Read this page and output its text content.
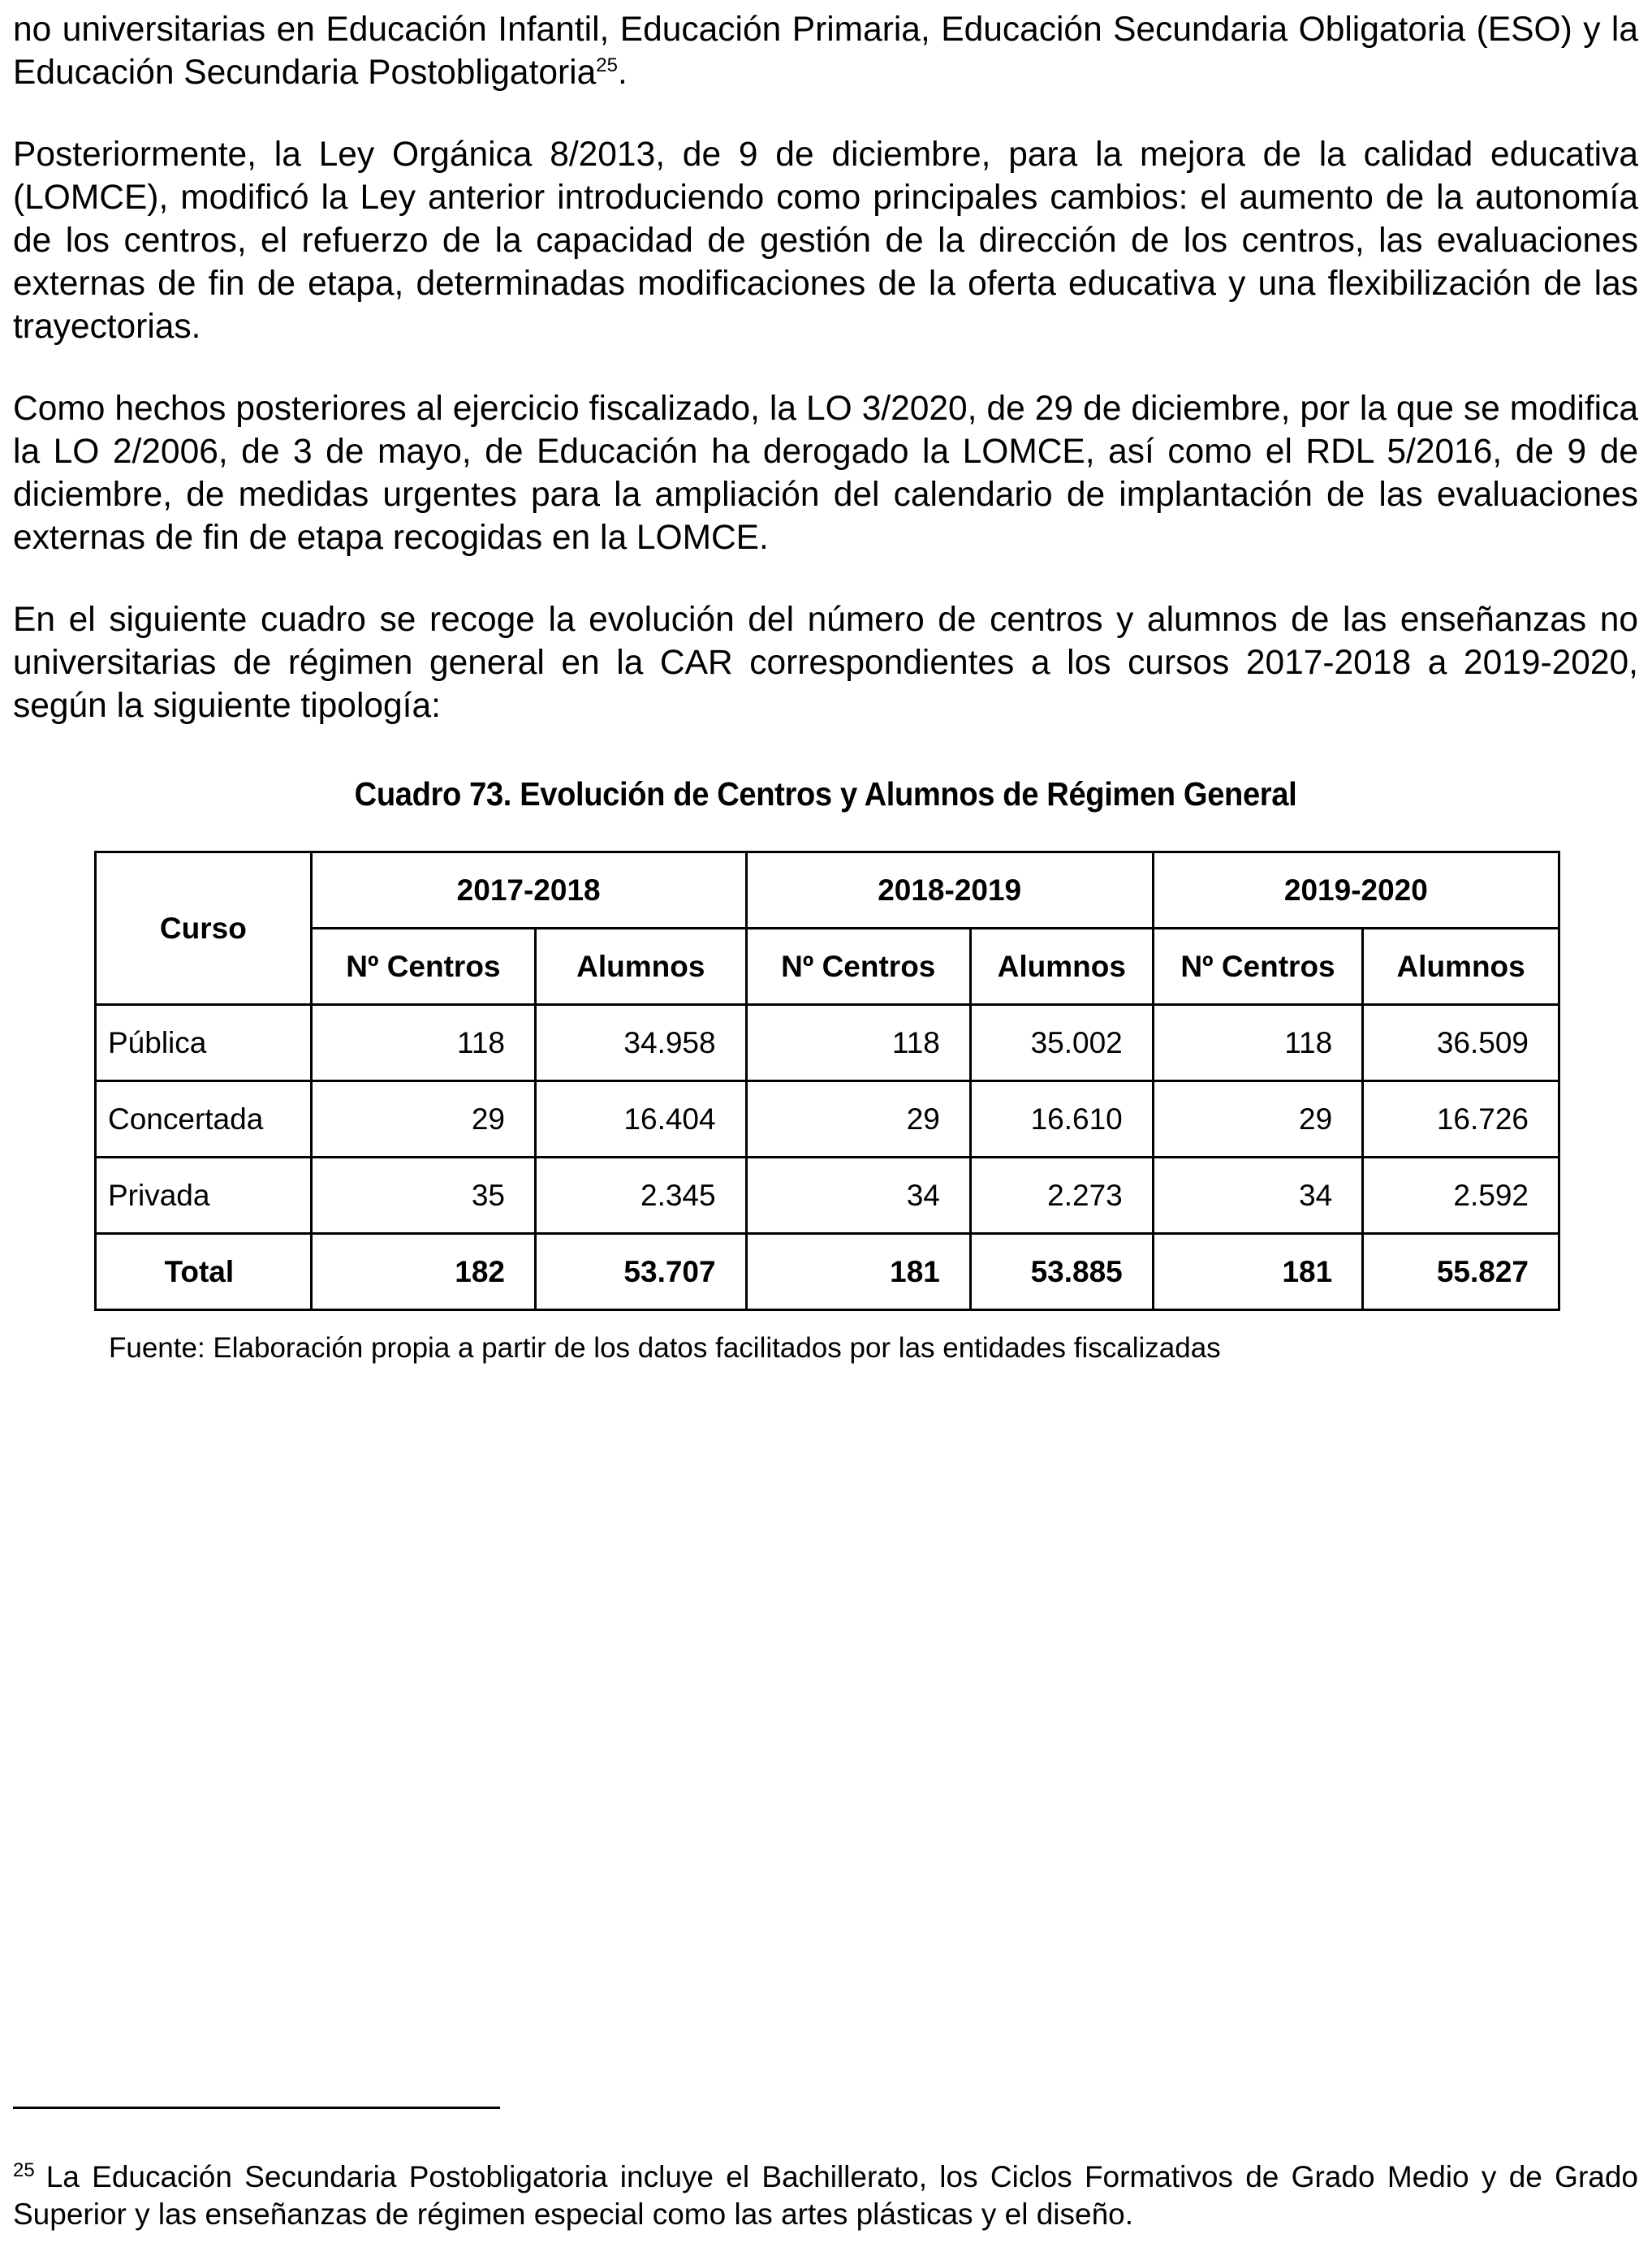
no universitarias en Educación Infantil, Educación Primaria, Educación Secundaria Obligatoria (ESO) y la Educación Secundaria Postobligatoria$^{25}$.

Posteriormente, la Ley Orgánica 8/2013, de 9 de diciembre, para la mejora de la calidad educativa (LOMCE), modificó la Ley anterior introduciendo como principales cambios: el aumento de la autonomía de los centros, el refuerzo de la capacidad de gestión de la dirección de los centros, las evaluaciones externas de fin de etapa, determinadas modificaciones de la oferta educativa y una flexibilización de las trayectorias.

Como hechos posteriores al ejercicio fiscalizado, la LO 3/2020, de 29 de diciembre, por la que se modifica la LO 2/2006, de 3 de mayo, de Educación ha derogado la LOMCE, así como el RDL 5/2016, de 9 de diciembre, de medidas urgentes para la ampliación del calendario de implantación de las evaluaciones externas de fin de etapa recogidas en la LOMCE.

En el siguiente cuadro se recoge la evolución del número de centros y alumnos de las enseñanzas no universitarias de régimen general en la CAR correspondientes a los cursos 2017-2018 a 2019-2020, según la siguiente tipología:

Cuadro 73. Evolución de Centros y Alumnos de Régimen General
Curso	2017-2018		2018-2019		2019-2020	
	Nº Centros	Alumnos	Nº Centros	Alumnos	Nº Centros	Alumnos
Pública	118	34.958	118	35.002	118	36.509
Concertada	29	16.404	29	16.610	29	16.726
Privada	35	2.345	34	2.273	34	2.592
Total	182	53.707	181	53.885	181	55.827
Fuente: Elaboración propia a partir de los datos facilitados por las entidades fiscalizadas
$^{25}$ La Educación Secundaria Postobligatoria incluye el Bachillerato, los Ciclos Formativos de Grado Medio y de Grado Superior y las enseñanzas de régimen especial como las artes plásticas y el diseño.
